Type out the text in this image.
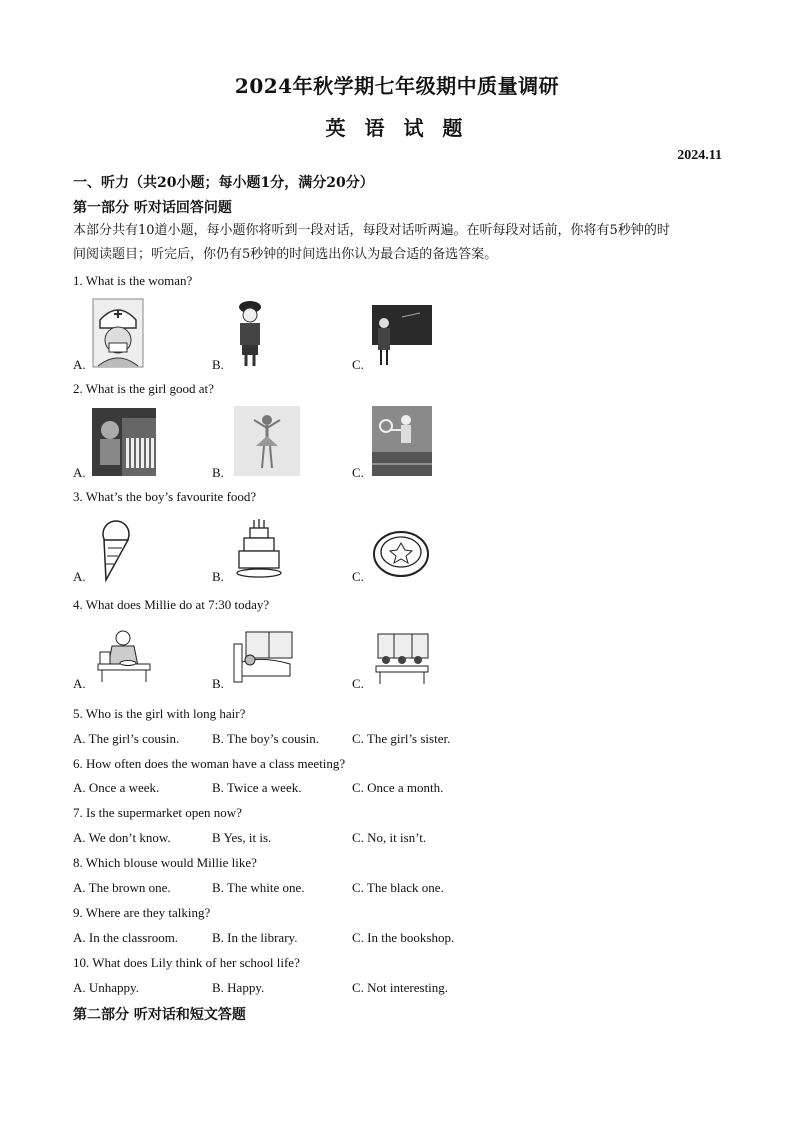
2024年秋学期七年级期中质量调研
英 语 试 题
2024.11
一、听力（共20小题；每小题1分，满分20分）
第一部分 听对话回答问题
本部分共有10道小题，每小题你将听到一段对话，每段对话听两遍。在听每段对话前，你将有5秒钟的时
间阅读题目；听完后，你仍有5秒钟的时间选出你认为最合适的备选答案。
1. What is the woman?
A.	B.	C.
2. What is the girl good at?
A.	B.	C.
3. What’s the boy’s favourite food?
A.	B.	C.
4. What does Millie do at 7:30 today?
A.	B.	C.
5. Who is the girl with long hair?
A. The girl’s cousin.	B. The boy’s cousin.	C. The girl’s sister.
6. How often does the woman have a class meeting?
A. Once a week.	B. Twice a week.	C. Once a month.
7. Is the supermarket open now?
A. We don’t know.	B Yes, it is.	C. No, it isn’t.
8. Which blouse would Millie like?
A. The brown one.	B. The white one.	C. The black one.
9. Where are they talking?
A. In the classroom.	B. In the library.	C. In the bookshop.
10. What does Lily think of her school life?
A. Unhappy.	B. Happy.	C. Not interesting.
第二部分 听对话和短文答题
